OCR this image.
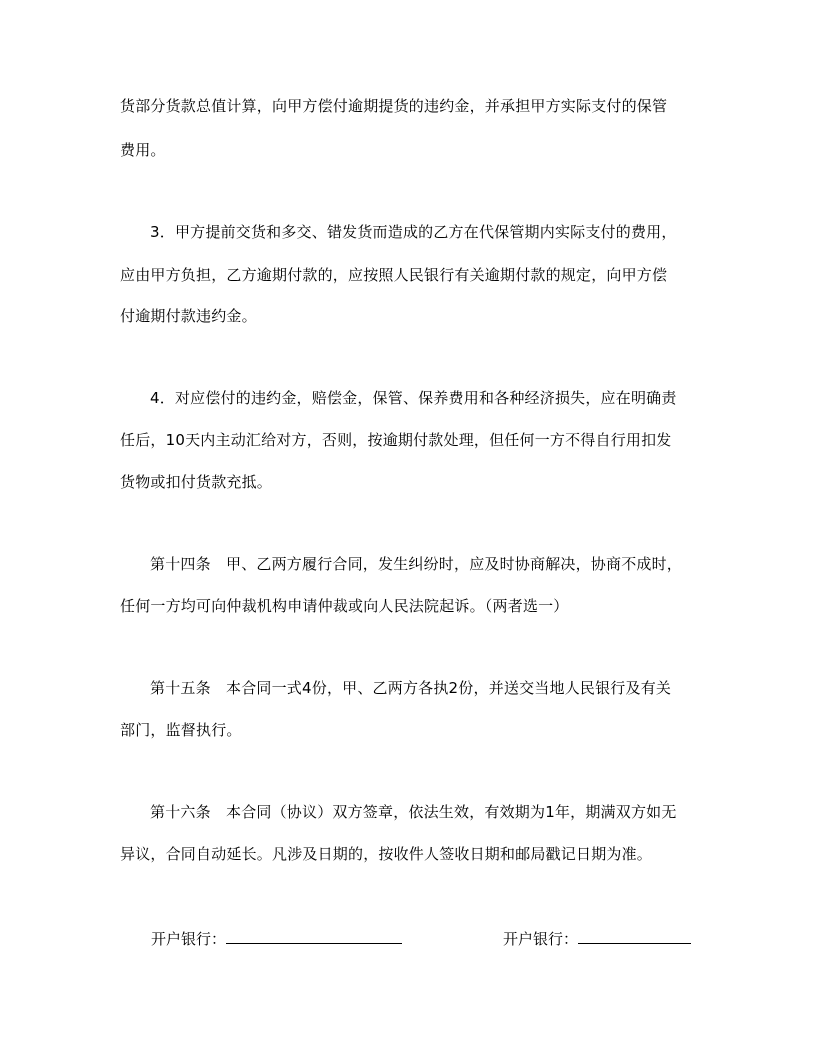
货部分货款总值计算，向甲方偿付逾期提货的违约金，并承担甲方实际支付的保管
费用。
3．甲方提前交货和多交、错发货而造成的乙方在代保管期内实际支付的费用，
应由甲方负担，乙方逾期付款的，应按照人民银行有关逾期付款的规定，向甲方偿
付逾期付款违约金。
4．对应偿付的违约金，赔偿金，保管、保养费用和各种经济损失，应在明确责
任后，10天内主动汇给对方，否则，按逾期付款处理，但任何一方不得自行用扣发
货物或扣付货款充抵。
第十四条　甲、乙两方履行合同，发生纠纷时，应及时协商解决，协商不成时，
任何一方均可向仲裁机构申请仲裁或向人民法院起诉。（两者选一）
第十五条　本合同一式4份，甲、乙两方各执2份，并送交当地人民银行及有关
部门，监督执行。
第十六条　本合同（协议）双方签章，依法生效，有效期为1年，期满双方如无
异议，合同自动延长。凡涉及日期的，按收件人签收日期和邮局戳记日期为准。
开户银行：	开户银行：
